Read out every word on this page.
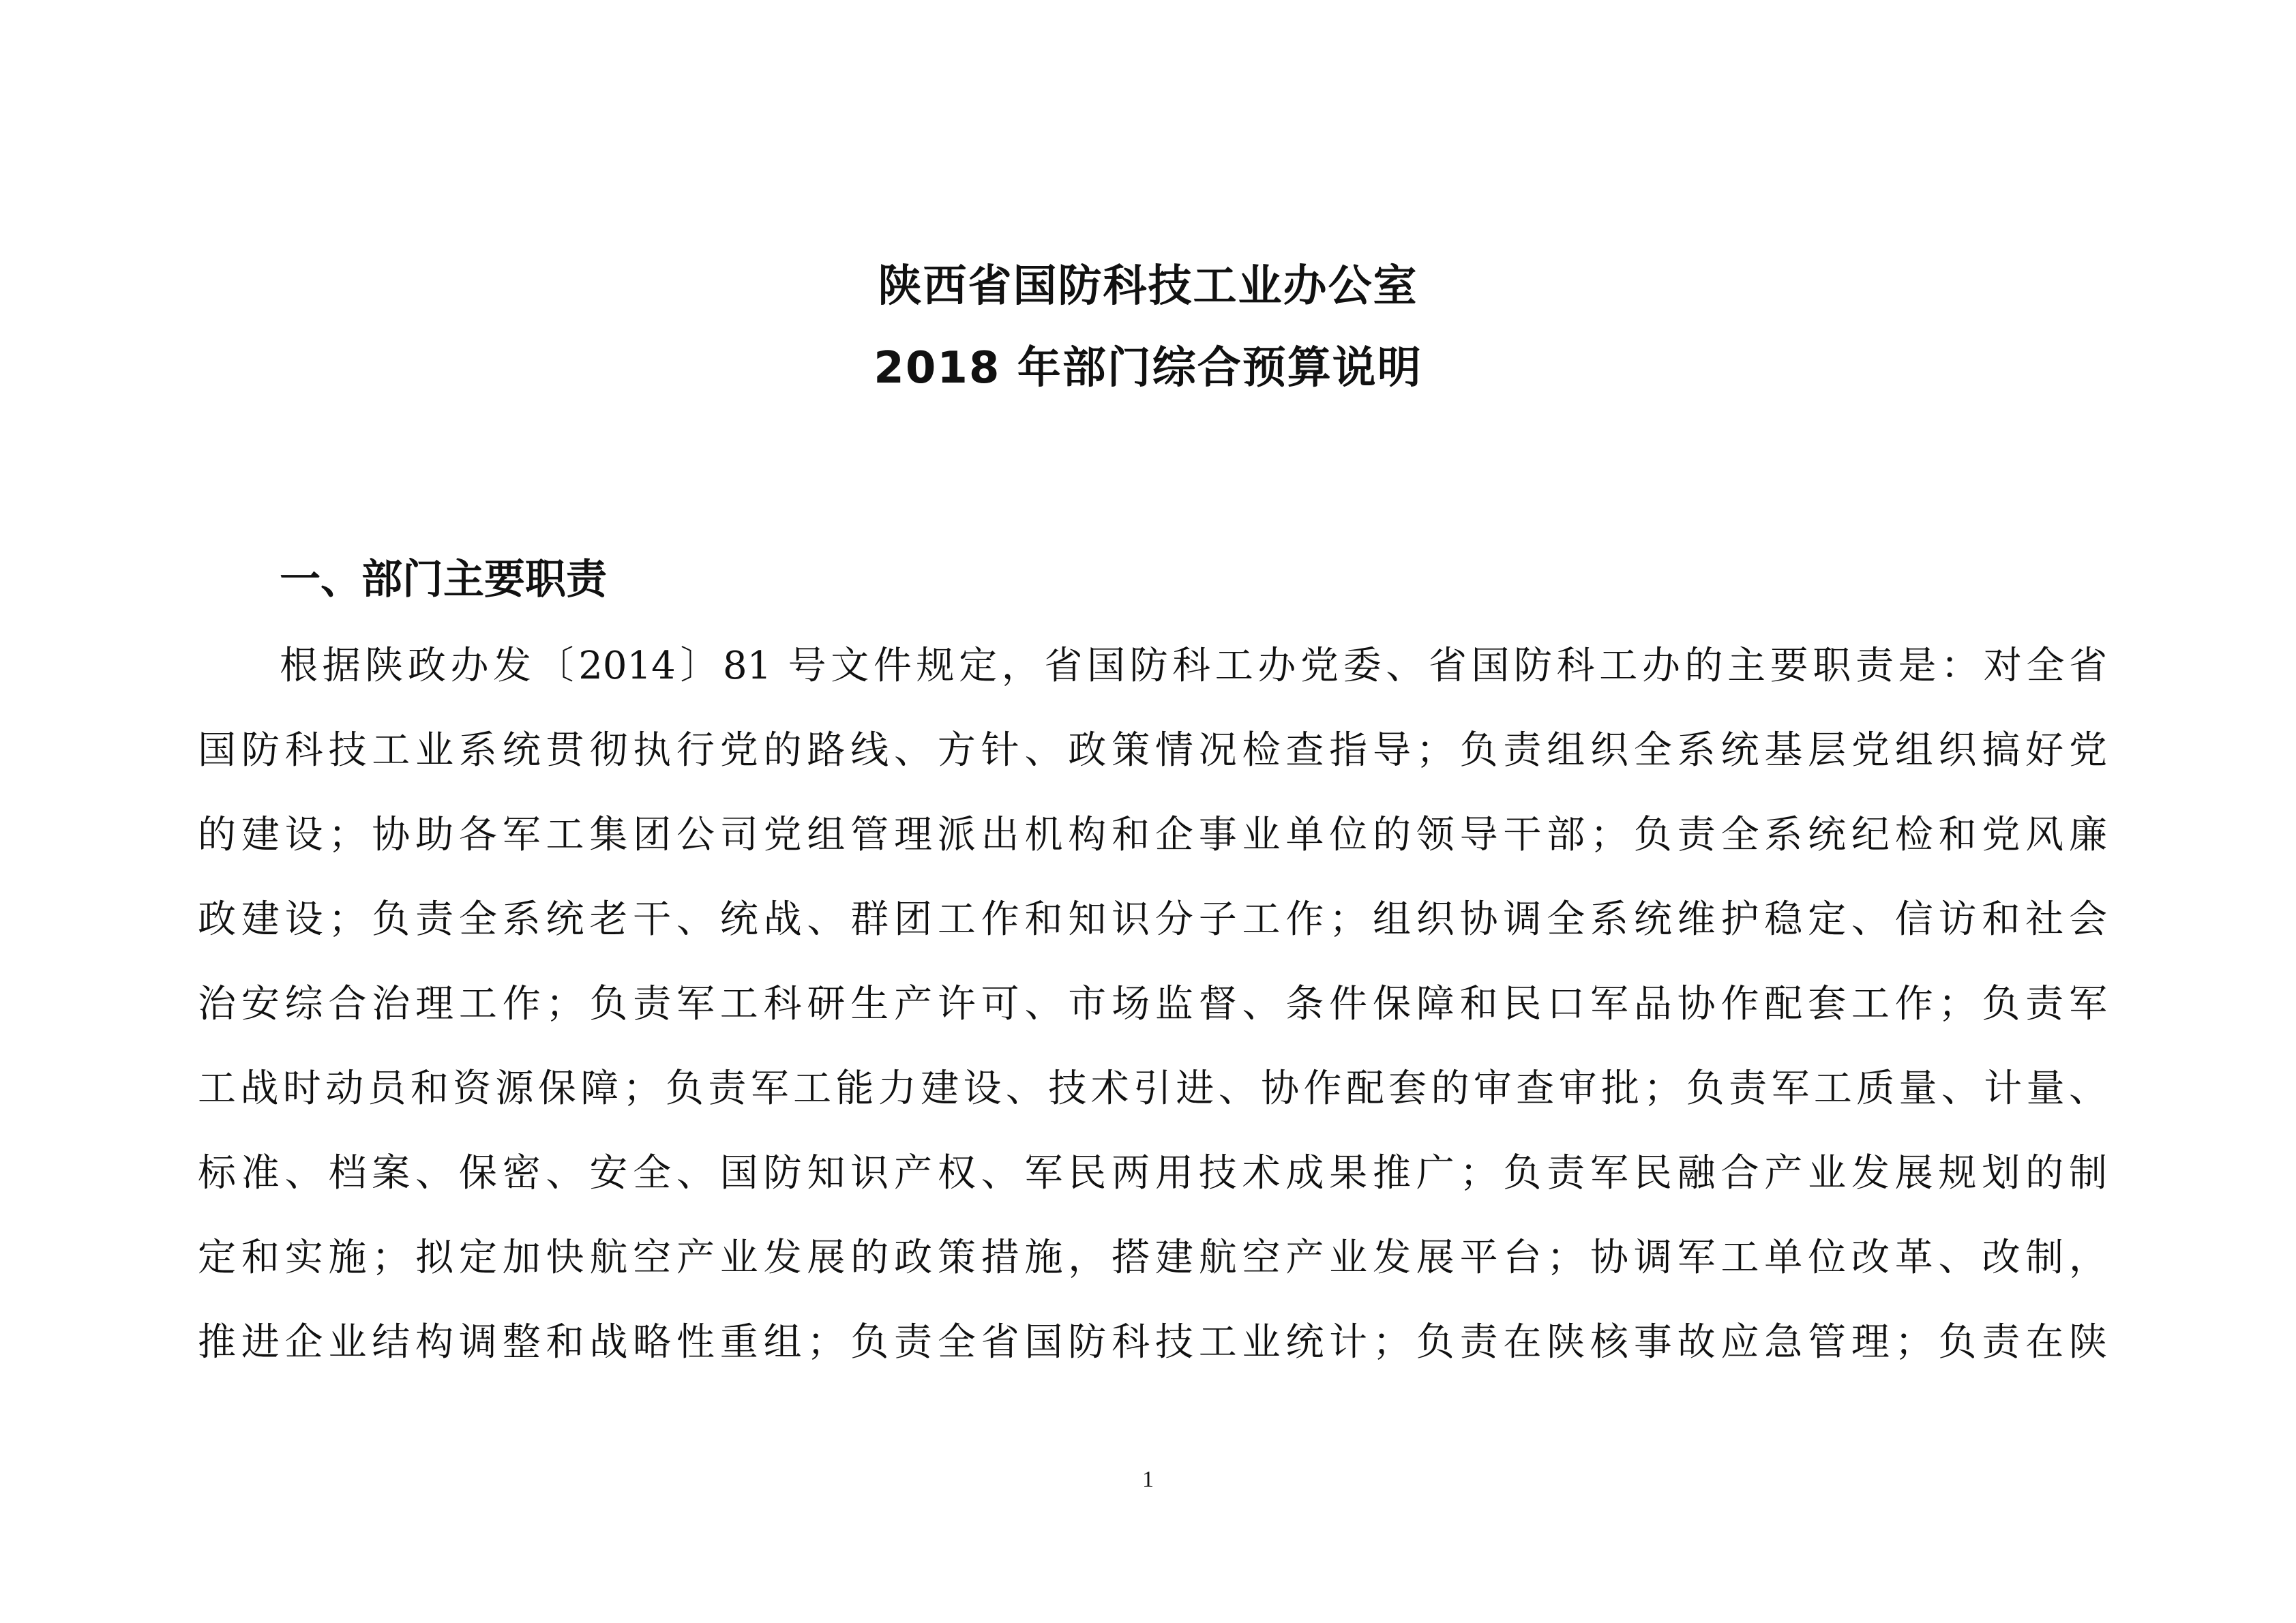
陕西省国防科技工业办公室
2018 年部门综合预算说明
一、部门主要职责
根据陕政办发〔2014〕81 号文件规定，省国防科工办党委、省国防科工办的主要职责是：对全省
国防科技工业系统贯彻执行党的路线、方针、政策情况检查指导；负责组织全系统基层党组织搞好党
的建设；协助各军工集团公司党组管理派出机构和企事业单位的领导干部；负责全系统纪检和党风廉
政建设；负责全系统老干、统战、群团工作和知识分子工作；组织协调全系统维护稳定、信访和社会
治安综合治理工作；负责军工科研生产许可、市场监督、条件保障和民口军品协作配套工作；负责军
工战时动员和资源保障；负责军工能力建设、技术引进、协作配套的审查审批；负责军工质量、计量、
标准、档案、保密、安全、国防知识产权、军民两用技术成果推广；负责军民融合产业发展规划的制
定和实施；拟定加快航空产业发展的政策措施，搭建航空产业发展平台；协调军工单位改革、改制，
推进企业结构调整和战略性重组；负责全省国防科技工业统计；负责在陕核事故应急管理；负责在陕
1
